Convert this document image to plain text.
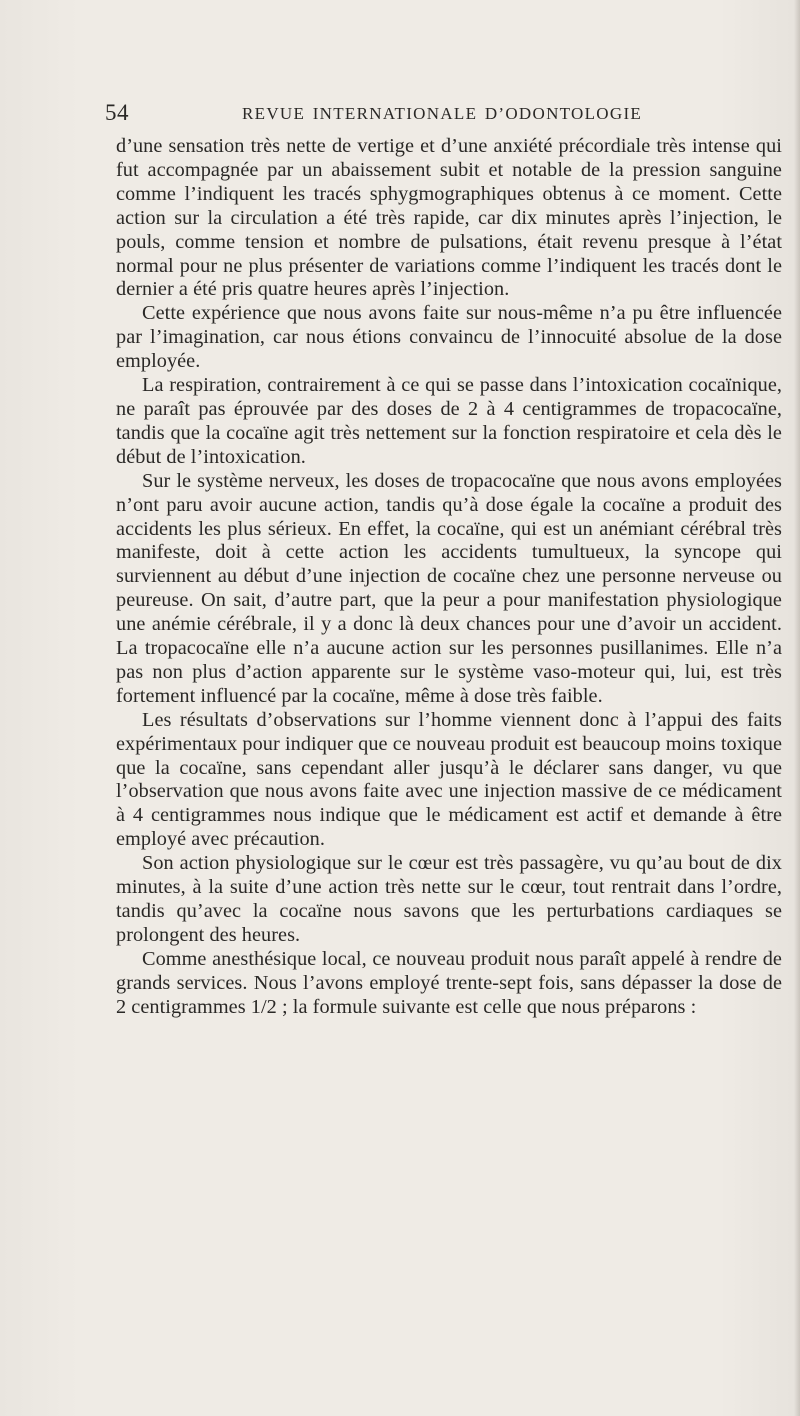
54	REVUE INTERNATIONALE D’ODONTOLOGIE

d’une sensation très nette de vertige et d’une anxiété précordiale très intense qui fut accompagnée par un abaissement subit et notable de la pression sanguine comme l’indiquent les tracés sphygmographiques obtenus à ce moment. Cette action sur la circulation a été très rapide, car dix minutes après l’injection, le pouls, comme tension et nombre de pulsations, était revenu presque à l’état normal pour ne plus présenter de variations comme l’indiquent les tracés dont le dernier a été pris quatre heures après l’injection.

Cette expérience que nous avons faite sur nous-même n’a pu être influencée par l’imagination, car nous étions convaincu de l’innocuité absolue de la dose employée.

La respiration, contrairement à ce qui se passe dans l’intoxication cocaïnique, ne paraît pas éprouvée par des doses de 2 à 4 centigrammes de tropacocaïne, tandis que la cocaïne agit très nettement sur la fonction respiratoire et cela dès le début de l’intoxication.

Sur le système nerveux, les doses de tropacocaïne que nous avons employées n’ont paru avoir aucune action, tandis qu’à dose égale la cocaïne a produit des accidents les plus sérieux. En effet, la cocaïne, qui est un anémiant cérébral très manifeste, doit à cette action les accidents tumultueux, la syncope qui surviennent au début d’une injection de cocaïne chez une personne nerveuse ou peureuse. On sait, d’autre part, que la peur a pour manifestation physiologique une anémie cérébrale, il y a donc là deux chances pour une d’avoir un accident. La tropacocaïne elle n’a aucune action sur les personnes pusillanimes. Elle n’a pas non plus d’action apparente sur le système vaso-moteur qui, lui, est très fortement influencé par la cocaïne, même à dose très faible.

Les résultats d’observations sur l’homme viennent donc à l’appui des faits expérimentaux pour indiquer que ce nouveau produit est beaucoup moins toxique que la cocaïne, sans cependant aller jusqu’à le déclarer sans danger, vu que l’observation que nous avons faite avec une injection massive de ce médicament à 4 centigrammes nous indique que le médicament est actif et demande à être employé avec précaution.

Son action physiologique sur le cœur est très passagère, vu qu’au bout de dix minutes, à la suite d’une action très nette sur le cœur, tout rentrait dans l’ordre, tandis qu’avec la cocaïne nous savons que les perturbations cardiaques se prolongent des heures.

Comme anesthésique local, ce nouveau produit nous paraît appelé à rendre de grands services. Nous l’avons employé trente-sept fois, sans dépasser la dose de 2 centigrammes 1/2 ; la formule suivante est celle que nous préparons :
